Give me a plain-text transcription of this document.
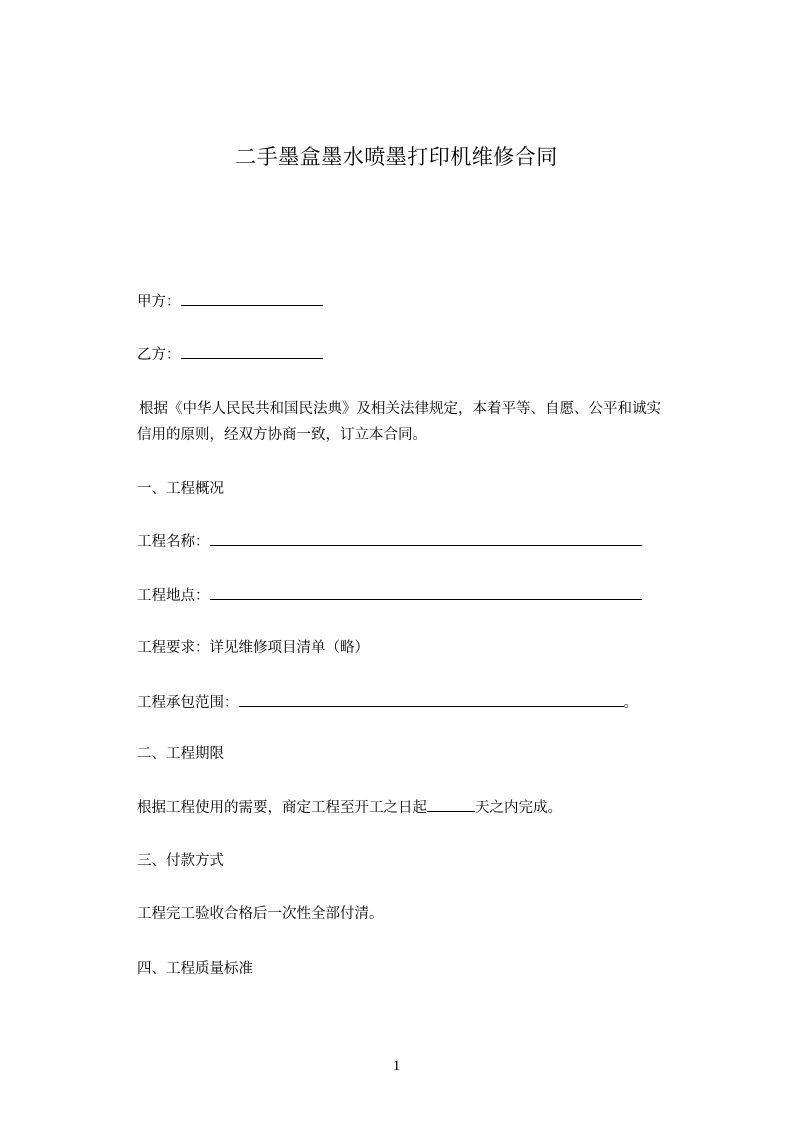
二手墨盒墨水喷墨打印机维修合同
甲方：
乙方：
根据《中华人民民共和国民法典》及相关法律规定，本着平等、自愿、公平和诚实
信用的原则，经双方协商一致，订立本合同。
一、工程概况
工程名称：
工程地点：
工程要求：详见维修项目清单（略）
工程承包范围：	。
二、工程期限
根据工程使用的需要，商定工程至开工之日起	天之内完成。
三、付款方式
工程完工验收合格后一次性全部付清。
四、工程质量标准
1
